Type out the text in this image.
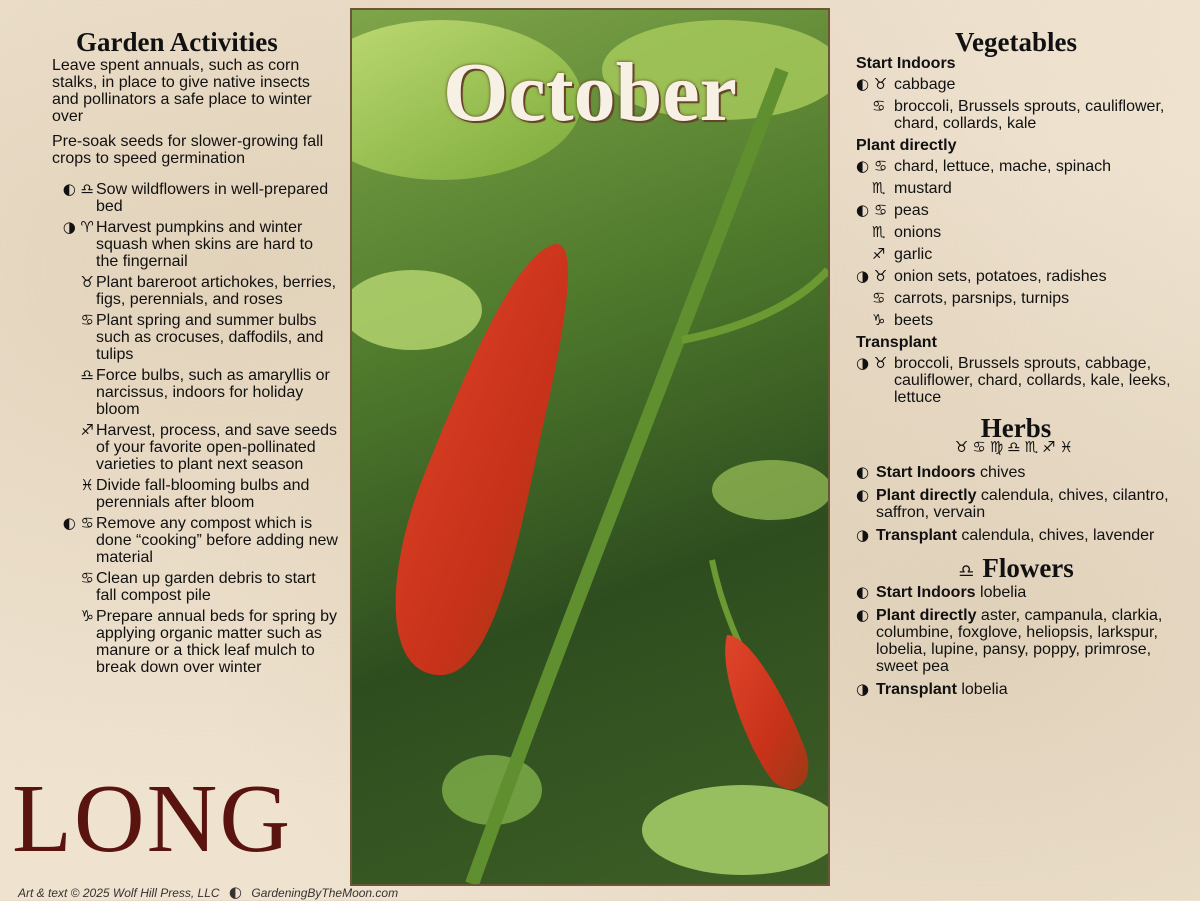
Garden Activities

Leave spent annuals, such as corn stalks, in place to give native insects and pollinators a safe place to winter over

Pre-soak seeds for slower-growing fall crops to speed germination

◐ ♎ Sow wildflowers in well-prepared bed
◑ ♈ Harvest pumpkins and winter squash when skins are hard to the fingernail
♉ Plant bareroot artichokes, berries, figs, perennials, and roses
♋ Plant spring and summer bulbs such as crocuses, daffodils, and tulips
♎ Force bulbs, such as amaryllis or narcissus, indoors for holiday bloom
♐ Harvest, process, and save seeds of your favorite open-pollinated varieties to plant next season
♓ Divide fall-blooming bulbs and perennials after bloom
◐ ♋ Remove any compost which is done “cooking” before adding new material
♋ Clean up garden debris to start fall compost pile
♑ Prepare annual beds for spring by applying organic matter such as manure or a thick leaf mulch to break down over winter
LONG
Art & text © 2025 Wolf Hill Press, LLC ◐ GardeningByTheMoon.com
October
Vegetables
Start Indoors
◐ ♉ cabbage
♋ broccoli, Brussels sprouts, cauliflower, chard, collards, kale
Plant directly
◐ ♋ chard, lettuce, mache, spinach
♏ mustard
◐ ♋ peas
♏ onions
♐ garlic
◑ ♉ onion sets, potatoes, radishes
♋ carrots, parsnips, turnips
♑ beets
Transplant
◑ ♉ broccoli, Brussels sprouts, cabbage, cauliflower, chard, collards, kale, leeks, lettuce
Herbs
♉♋♍♎♏♐♓
◐ Start Indoors chives
◐ Plant directly calendula, chives, cilantro, saffron, vervain
◑ Transplant calendula, chives, lavender
♎ Flowers
◐ Start Indoors lobelia
◐ Plant directly aster, campanula, clarkia, columbine, foxglove, heliopsis, larkspur, lobelia, lupine, pansy, poppy, primrose, sweet pea
◑ Transplant lobelia
